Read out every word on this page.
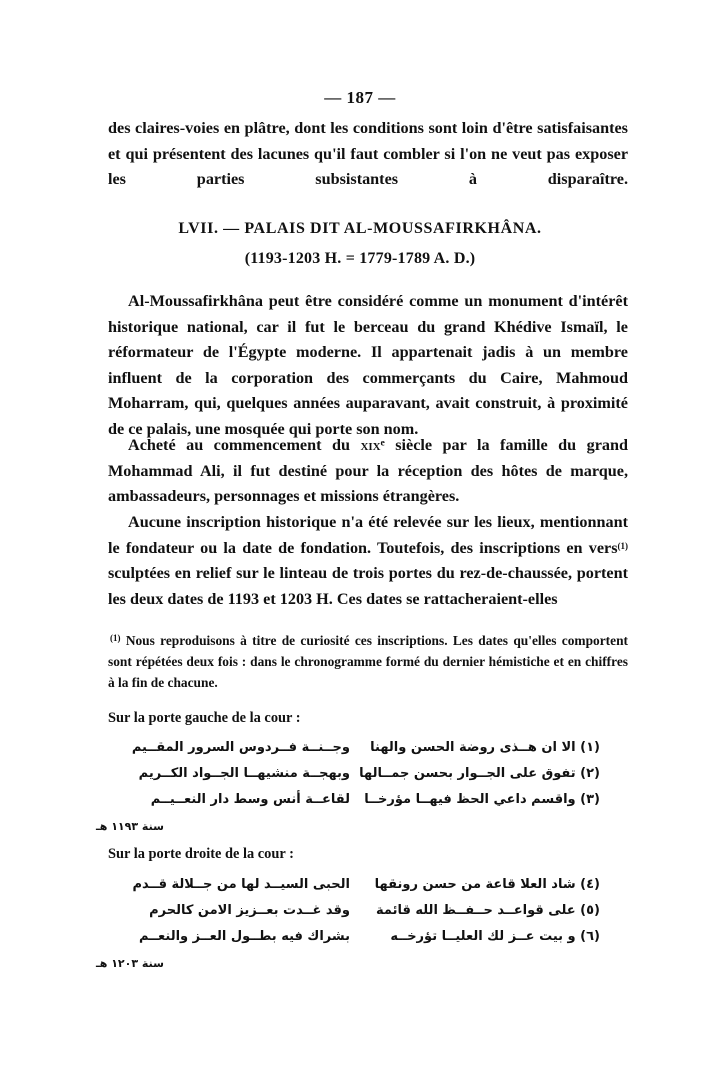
— 187 —

des claires-voies en plâtre, dont les conditions sont loin d'être satisfaisantes et qui présentent des lacunes qu'il faut combler si l'on ne veut pas exposer les parties subsistantes à disparaître.

LVII. — PALAIS DIT AL-MOUSSAFIRKHÂNA.
(1193-1203 H. = 1779-1789 A. D.)

Al-Moussafirkhâna peut être considéré comme un monument d'intérêt historique national, car il fut le berceau du grand Khédive Ismaïl, le réformateur de l'Égypte moderne. Il appartenait jadis à un membre influent de la corporation des commerçants du Caire, Mahmoud Moharram, qui, quelques années auparavant, avait construit, à proximité de ce palais, une mosquée qui porte son nom.

Acheté au commencement du xixᵉ siècle par la famille du grand Mohammad Ali, il fut destiné pour la réception des hôtes de marque, ambassadeurs, personnages et missions étrangères.

Aucune inscription historique n'a été relevée sur les lieux, mentionnant le fondateur ou la date de fondation. Toutefois, des inscriptions en vers$^{(1)}$ sculptées en relief sur le linteau de trois portes du rez-de-chaussée, portent les deux dates de 1193 et 1203 H. Ces dates se rattacheraient-elles

$^{(1)}$ Nous reproduisons à titre de curiosité ces inscriptions. Les dates qu'elles comportent sont répétées deux fois : dans le chronogramme formé du dernier hémistiche et en chiffres à la fin de chacune.

Sur la porte gauche de la cour :
(١) الا ان هــذى روضة الحسن والهنا
وجــنــة فــردوس السرور المقــيم
(٢) تفوق على الجــوار بحسن جمــالها
وبهجــة منشيهــا الجــواد الكــريم
(٣) واقسم داعي الحظ فيهــا مؤرخــا
لقاعــة أنس وسط دار النعــيــم
سنة ١١٩٣ هـ
Sur la porte droite de la cour :
(٤) شاد العلا قاعة من حسن رونقها
الحبى السيــد لها من جــلالة قــدم
(٥) على قواعــد حــفــظ الله قائمة
وقد غــدت بعــزيز الامن كالحرم
(٦) ﻭ بيت عــز لك العليــا تؤرخــه
بشراك فيه بطــول العــز والنعــم
سنة ١٢٠٣ هـ
